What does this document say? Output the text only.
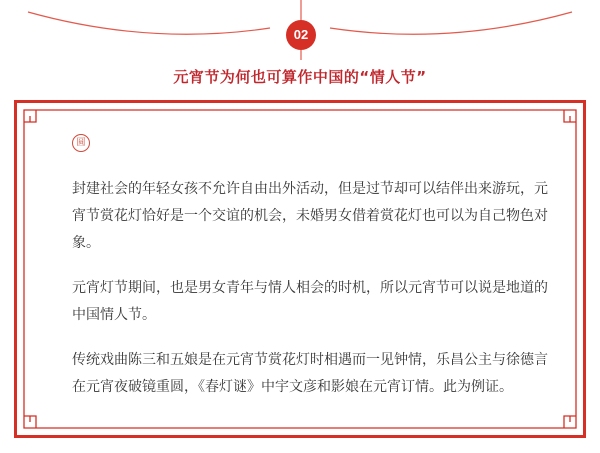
02
元宵节为何也可算作中国的“情人节”
圆

封建社会的年轻女孩不允许自由出外活动，但是过节却可以结伴出来游玩，元宵节赏花灯恰好是一个交谊的机会，未婚男女借着赏花灯也可以为自己物色对象。

元宵灯节期间，也是男女青年与情人相会的时机，所以元宵节可以说是地道的中国情人节。

传统戏曲陈三和五娘是在元宵节赏花灯时相遇而一见钟情，乐昌公主与徐德言在元宵夜破镜重圆，《春灯谜》中宇文彦和影娘在元宵订情。此为例证。
